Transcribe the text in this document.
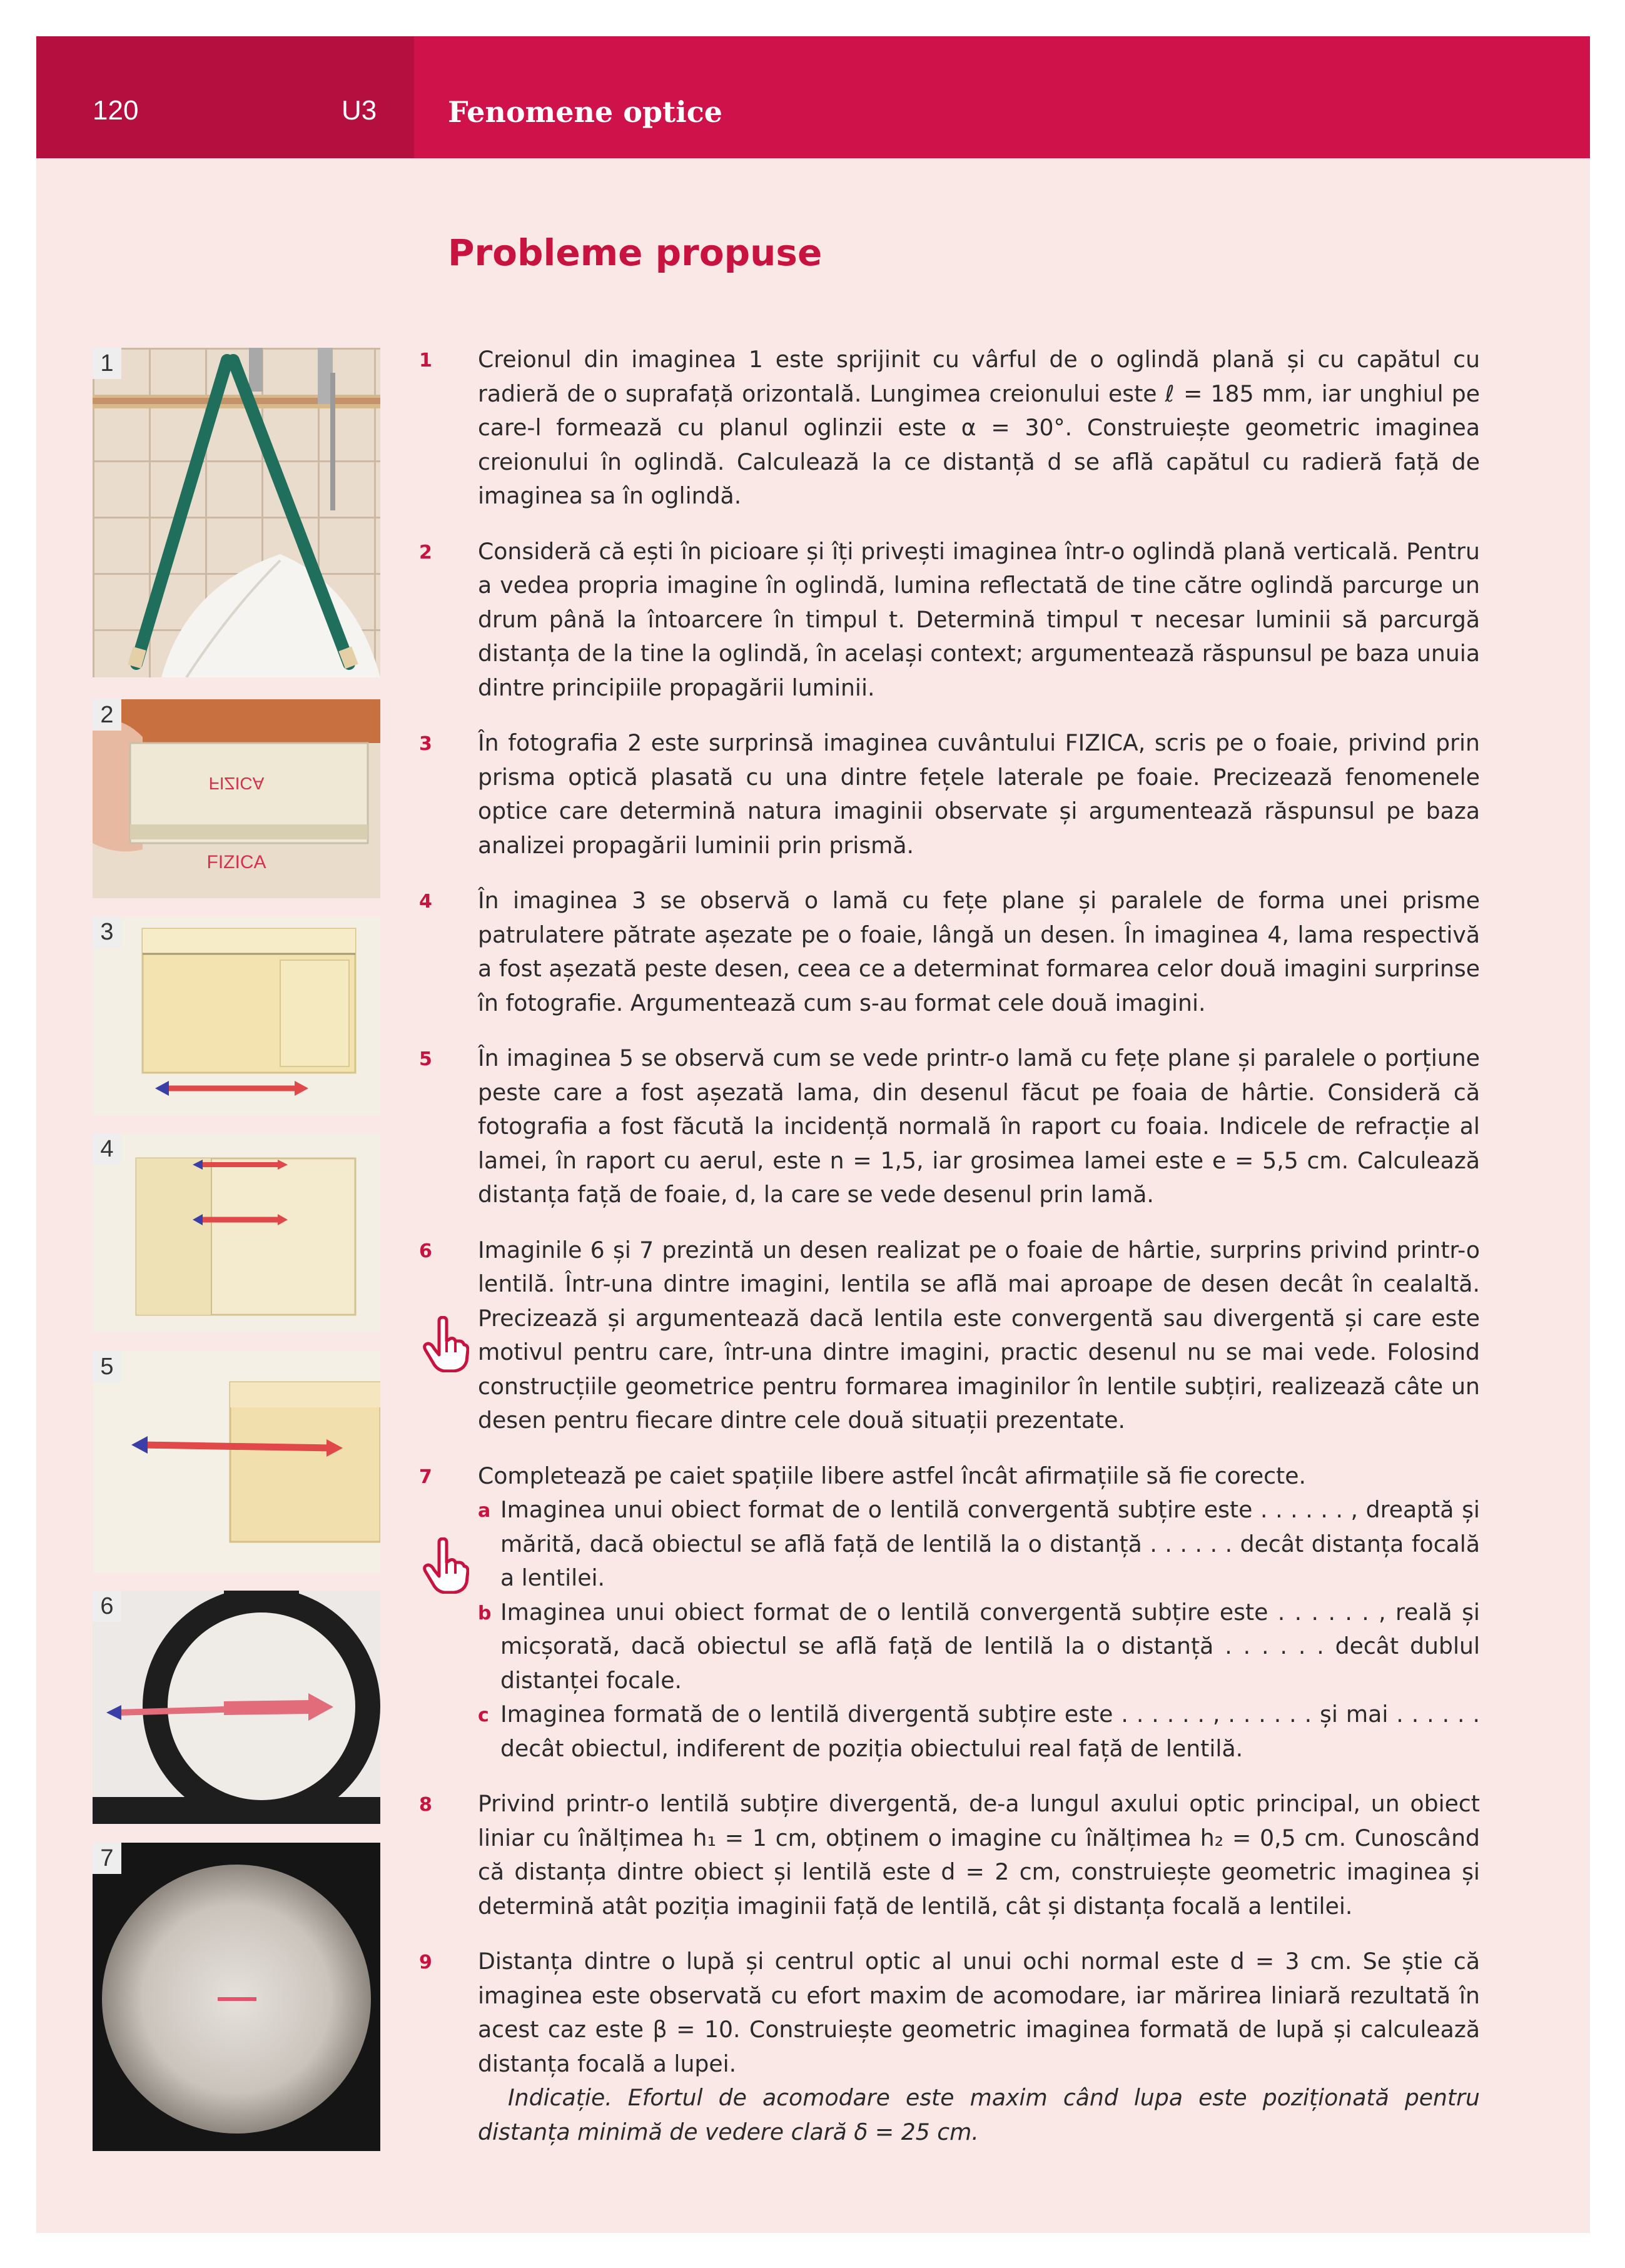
120	U3 Fenomene optice
Probleme propuse
1
2
FIZICA
FIZICA
3
4
5
6
7
1	Creionul din imaginea 1 este sprijinit cu vârful de o oglindă plană și cu capătul cu radieră de o suprafață orizontală. Lungimea creionului este ℓ = 185 mm, iar unghiul pe care-l formează cu planul oglinzii este α = 30°. Construiește geometric imaginea creionului în oglindă. Calculează la ce distanță d se află capătul cu radieră față de imaginea sa în oglindă.
2	Consideră că ești în picioare și îți privești imaginea într-o oglindă plană verticală. Pentru a vedea propria imagine în oglindă, lumina reflectată de tine către oglindă parcurge un drum până la întoarcere în timpul t. Determină timpul τ necesar luminii să parcurgă distanța de la tine la oglindă, în același context; argumentează răspunsul pe baza unuia dintre principiile propagării luminii.
3	În fotografia 2 este surprinsă imaginea cuvântului FIZICA, scris pe o foaie, privind prin prisma optică plasată cu una dintre fețele laterale pe foaie. Precizează fenomenele optice care determină natura imaginii observate și argumentează răspunsul pe baza analizei propagării luminii prin prismă.
4	În imaginea 3 se observă o lamă cu fețe plane și paralele de forma unei prisme patrulatere pătrate așezate pe o foaie, lângă un desen. În imaginea 4, lama respectivă a fost așezată peste desen, ceea ce a determinat formarea celor două imagini surprinse în fotografie. Argumentează cum s-au format cele două imagini.
5	În imaginea 5 se observă cum se vede printr-o lamă cu fețe plane și paralele o porțiune peste care a fost așezată lama, din desenul făcut pe foaia de hârtie. Consideră că fotografia a fost făcută la incidență normală în raport cu foaia. Indicele de refracție al lamei, în raport cu aerul, este n = 1,5, iar grosimea lamei este e = 5,5 cm. Calculează distanța față de foaie, d, la care se vede desenul prin lamă.
6	Imaginile 6 și 7 prezintă un desen realizat pe o foaie de hârtie, surprins privind printr-o lentilă. Într-una dintre imagini, lentila se află mai aproape de desen decât în cealaltă. Precizează și argumentează dacă lentila este convergentă sau divergentă și care este motivul pentru care, într-una dintre imagini, practic desenul nu se mai vede. Folosind construcțiile geometrice pentru formarea imaginilor în lentile subțiri, realizează câte un desen pentru fiecare dintre cele două situații prezentate.
7	Completează pe caiet spațiile libere astfel încât afirmațiile să fie corecte.
a Imaginea unui obiect format de o lentilă convergentă subțire este . . . . . . , dreaptă și mărită, dacă obiectul se află față de lentilă la o distanță . . . . . . decât distanța focală a lentilei.
b Imaginea unui obiect format de o lentilă convergentă subțire este . . . . . . , reală și micșorată, dacă obiectul se află față de lentilă la o distanță . . . . . . decât dublul distanței focale.
c Imaginea formată de o lentilă divergentă subțire este . . . . . . , . . . . . . și mai . . . . . . decât obiectul, indiferent de poziția obiectului real față de lentilă.
8	Privind printr-o lentilă subțire divergentă, de-a lungul axului optic principal, un obiect liniar cu înălțimea h₁ = 1 cm, obținem o imagine cu înălțimea h₂ = 0,5 cm. Cunoscând că distanța dintre obiect și lentilă este d = 2 cm, construiește geometric imaginea și determină atât poziția imaginii față de lentilă, cât și distanța focală a lentilei.
9	Distanța dintre o lupă și centrul optic al unui ochi normal este d = 3 cm. Se știe că imaginea este observată cu efort maxim de acomodare, iar mărirea liniară rezultată în acest caz este β = 10. Construiește geometric imaginea formată de lupă și calculează distanța focală a lupei.
Indicație. Efortul de acomodare este maxim când lupa este poziționată pentru distanța minimă de vedere clară δ = 25 cm.
